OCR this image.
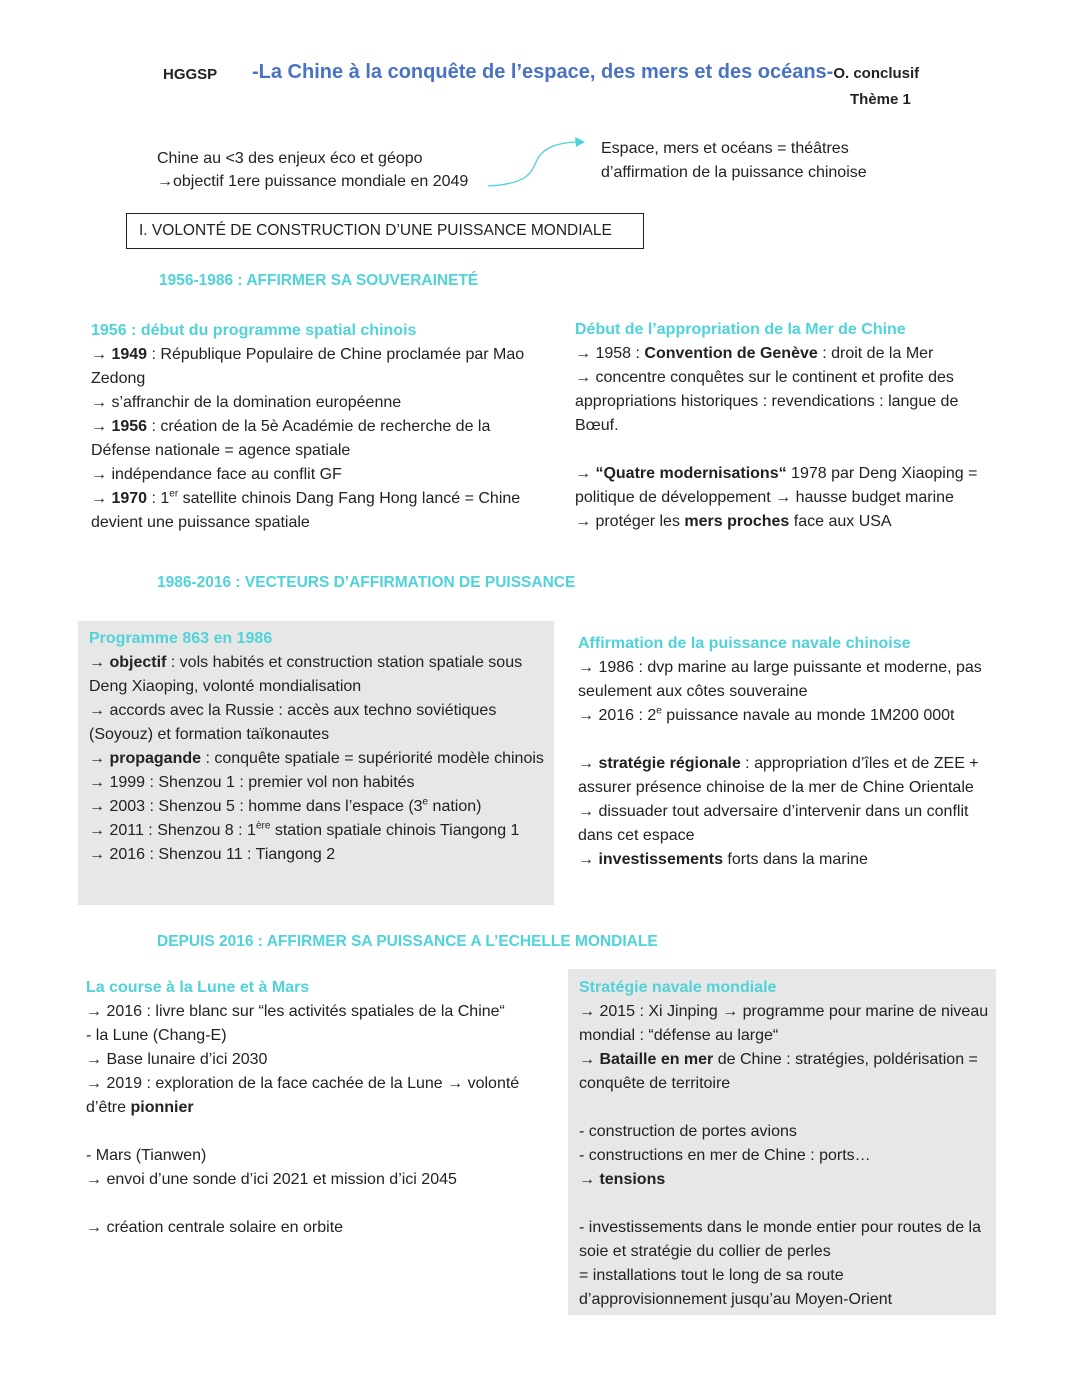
HGGSP -La Chine à la conquête de l’espace, des mers et des océans-O. conclusif
Thème 1
Chine au <3 des enjeux éco et géopo
→objectif 1ere puissance mondiale en 2049
Espace, mers et océans = théâtres
d’affirmation de la puissance chinoise
I. VOLONTÉ DE CONSTRUCTION D’UNE PUISSANCE MONDIALE
1956-1986 : AFFIRMER SA SOUVERAINETÉ

1956 : début du programme spatial chinois

→ 1949 : République Populaire de Chine proclamée par Mao Zedong

→ s’affranchir de la domination européenne

→ 1956 : création de la 5è Académie de recherche de la Défense nationale = agence spatiale

→ indépendance face au conflit GF

→ 1970 : 1er satellite chinois Dang Fang Hong lancé = Chine devient une puissance spatiale

Début de l’appropriation de la Mer de Chine

→ 1958 : Convention de Genève : droit de la Mer

→ concentre conquêtes sur le continent et profite des appropriations historiques : revendications : langue de Bœuf.

→ “Quatre modernisations“ 1978 par Deng Xiaoping = politique de développement → hausse budget marine

→ protéger les mers proches face aux USA

1986-2016 : VECTEURS D’AFFIRMATION DE PUISSANCE

Programme 863 en 1986

→ objectif : vols habités et construction station spatiale sous Deng Xiaoping, volonté mondialisation

→ accords avec la Russie : accès aux techno soviétiques (Soyouz) et formation taïkonautes

→ propagande : conquête spatiale = supériorité modèle chinois

→ 1999 : Shenzou 1 : premier vol non habités

→ 2003 : Shenzou 5 : homme dans l’espace (3e nation)

→ 2011 : Shenzou 8 : 1ère station spatiale chinois Tiangong 1

→ 2016 : Shenzou 11 : Tiangong 2

Affirmation de la puissance navale chinoise

→ 1986 : dvp marine au large puissante et moderne, pas seulement aux côtes souveraine

→ 2016 : 2e puissance navale au monde 1M200 000t

→ stratégie régionale : appropriation d’îles et de ZEE + assurer présence chinoise de la mer de Chine Orientale

→ dissuader tout adversaire d’intervenir dans un conflit dans cet espace

→ investissements forts dans la marine

DEPUIS 2016 : AFFIRMER SA PUISSANCE A L’ECHELLE MONDIALE

La course à la Lune et à Mars

→ 2016 : livre blanc sur “les activités spatiales de la Chine“

- la Lune (Chang-E)

→ Base lunaire d’ici 2030

→ 2019 : exploration de la face cachée de la Lune → volonté d’être pionnier

- Mars (Tianwen)

→ envoi d’une sonde d’ici 2021 et mission d’ici 2045

→ création centrale solaire en orbite

Stratégie navale mondiale

→ 2015 : Xi Jinping → programme pour marine de niveau mondial : “défense au large“

→ Bataille en mer de Chine : stratégies, poldérisation = conquête de territoire

- construction de portes avions

- constructions en mer de Chine : ports…

→ tensions

- investissements dans le monde entier pour routes de la soie et stratégie du collier de perles

= installations tout le long de sa route d’approvisionnement jusqu’au Moyen-Orient
